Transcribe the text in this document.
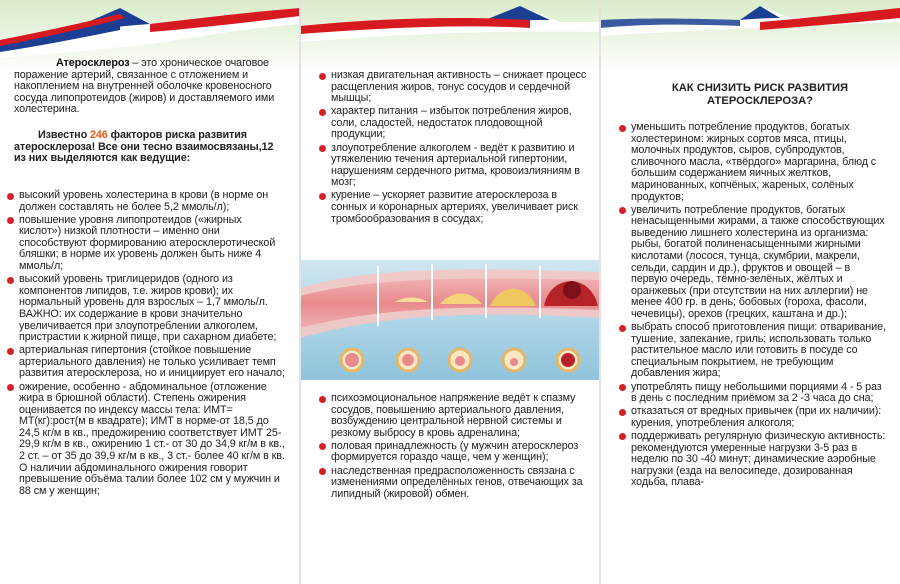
Атеросклероз – это хроническое очаговое поражение артерий, связанное с отложением и накоплением на внутренней оболочке кровеносного сосуда липопротеидов (жиров) и доставляемого ими холестерина.
Известно 246 факторов риска развития атеросклероза! Все они тесно взаимосвязаны,12 из них выделяются как ведущие:
высокий уровень холестерина в крови (в норме он должен составлять не более 5,2 ммоль/л);
повышение уровня липопротеидов («жирных кислот») низкой плотности – именно они способствуют формированию атеросклеротической бляшки; в норме их уровень должен быть ниже 4 ммоль/л;
высокий уровень триглицеридов (одного из компонентов липидов, т.е. жиров крови); их нормальный уровень для взрослых – 1,7 ммоль/л. ВАЖНО: их содержание в крови значительно увеличивается при злоупотреблении алкоголем, пристрастии к жирной пище, при сахарном диабете;
артериальная гипертония (стойкое повышение артериального давления) не только усиливает темп развития атеросклероза, но и инициирует его начало;
ожирение, особенно - абдоминальное (отложение жира в брюшной области). Степень ожирения оценивается по индексу массы тела: ИМТ= МТ(кг):рост(м в квадрате); ИМТ в норме-от 18,5 до 24,5 кг/м в кв., предожирению соответствует ИМТ 25-29,9 кг/м в кв., ожирению 1 ст.- от 30 до 34,9 кг/м в кв., 2 ст. – от 35 до 39,9 кг/м в кв., 3 ст.- более 40 кг/м в кв. О наличии абдоминального ожирения говорит превышение объёма талии более 102 см у мужчин и 88 см у женщин;
низкая двигательная активность – снижает процесс расщепления жиров, тонус сосудов и сердечной мышцы;
характер питания – избыток потребления жиров, соли, сладостей, недостаток плодовощной продукции;
злоупотребление алкоголем - ведёт к развитию и утяжелению течения артериальной гипертонии, нарушениям сердечного ритма, кровоизлияниям в мозг;
курение – ускоряет развитие атеросклероза в сонных и коронарных артериях, увеличивает риск тромбообразования в сосудах;
психоэмоциональное напряжение ведёт к спазму сосудов, повышению артериального давления, возбуждению центральной нервной системы и резкому выбросу в кровь адреналина;
половая принадлежность (у мужчин атеросклероз формируется гораздо чаще, чем у женщин);
наследственная предрасположенность связана с изменениями определённых генов, отвечающих за липидный (жировой) обмен.
КАК СНИЗИТЬ РИСК РАЗВИТИЯ АТЕРОСКЛЕРОЗА?
уменьшить потребление продуктов, богатых холестерином: жирных сортов мяса, птицы, молочных продуктов, сыров, субпродуктов, сливочного масла, «твёрдого» маргарина, блюд с большим содержанием яичных желтков, маринованных, копчёных, жареных, солёных продуктов;
увеличить потребление продуктов, богатых ненасыщенными жирами, а также способствующих выведению лишнего холестерина из организма: рыбы, богатой полиненасыщенными жирными кислотами (лосося, тунца, скумбрии, макрели, сельди, сардин и др.), фруктов и овощей – в первую очередь, тёмно-зелёных, жёлтых и оранжевых (при отсутствии на них аллергии) не менее 400 гр. в день; бобовых (гороха, фасоли, чечевицы), орехов (грецких, каштана и др.);
выбрать способ приготовления пищи: отваривание, тушение, запекание, гриль; использовать только растительное масло или готовить в посуде со специальным покрытием, не требующим добавления жира;
употреблять пищу небольшими порциями 4 - 5 раз в день с последним приёмом за 2 -3 часа до сна;
отказаться от вредных привычек (при их наличии): курения, употребления алкоголя;
поддерживать регулярную физическую активность: рекомендуются умеренные нагрузки 3-5 раз в неделю по 30 -40 минут; динамические аэробные нагрузки (езда на велосипеде, дозированная ходьба, плава-
